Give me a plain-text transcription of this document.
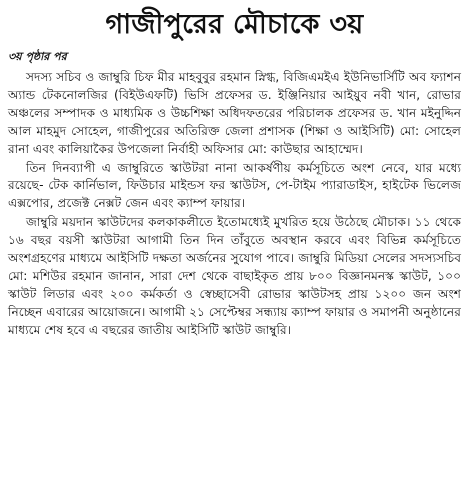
গাজীপুরের মৌচাকে ৩য়
৩য় পৃষ্ঠার পর

সদস্য সচিব ও জাম্বুরি চিফ মীর মাহবুবুর রহমান স্নিগ্ধ, বিজিএমইএ ইউনিভার্সিটি অব ফ্যাশন অ্যান্ড টেকনোলজির (বিইউএফটি) ভিসি প্রফেসর ড. ইঞ্জিনিয়ার আইয়ুব নবী খান, রোভার অঞ্চলের সম্পাদক ও মাধ্যমিক ও উচ্চশিক্ষা অধিদফতরের পরিচালক প্রফেসর ড. খান মইনুদ্দিন আল মাহমুদ সোহেল, গাজীপুরের অতিরিক্ত জেলা প্রশাসক (শিক্ষা ও আইসিটি) মো: সোহেল রানা এবং কালিয়াকৈর উপজেলা নির্বাহী অফিসার মো: কাউছার আহাম্মেদ।

তিন দিনব্যাপী এ জাম্বুরিতে স্কাউটরা নানা আকর্ষণীয় কর্মসূচিতে অংশ নেবে, যার মধ্যে রয়েছে- টেক কার্নিভাল, ফিউচার মাইন্ডস ফর স্কাউটস, পে-টাইম প্যারাডাইস, হাইটেক ভিলেজ এক্সপোর, প্রজেক্ট নেক্সট জেন এবং ক্যাম্প ফায়ার।

জাম্বুরি ময়দান স্কাউটদের কলকাকলীতে ইতোমধ্যেই মুখরিত হয়ে উঠেছে মৌচাক। ১১ থেকে ১৬ বছর বয়সী স্কাউটরা আগামী তিন দিন তাঁবুতে অবস্থান করবে এবং বিভিন্ন কর্মসূচিতে অংশগ্রহণের মাধ্যমে আইসিটি দক্ষতা অর্জনের সুযোগ পাবে। জাম্বুরি মিডিয়া সেলের সদস্যসচিব মো: মশিউর রহমান জানান, সারা দেশ থেকে বাছাইকৃত প্রায় ৮০০ বিজ্ঞানমনস্ক স্কাউট, ১০০ স্কাউট লিডার এবং ২০০ কর্মকর্তা ও স্বেচ্ছাসেবী রোভার স্কাউটসহ প্রায় ১২০০ জন অংশ নিচ্ছেন এবারের আয়োজনে। আগামী ২১ সেপ্টেম্বর সন্ধ্যায় ক্যাম্প ফায়ার ও সমাপনী অনুষ্ঠানের মাধ্যমে শেষ হবে এ বছরের জাতীয় আইসিটি স্কাউট জাম্বুরি।
